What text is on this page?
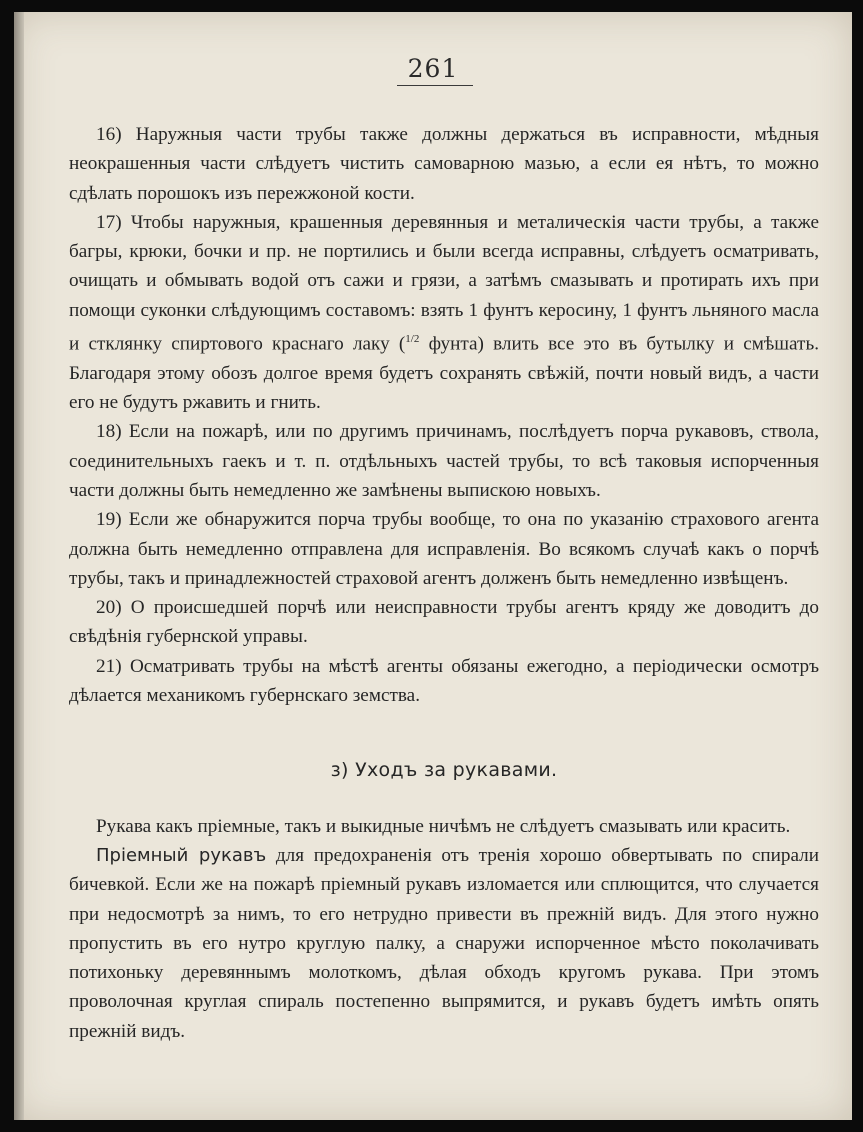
261

16) Наружныя части трубы также должны держаться въ исправности, мѣдныя неокрашенныя части слѣдуетъ чистить самоварною мазью, а если ея нѣтъ, то можно сдѣлать порошокъ изъ пережжоной кости.

17) Чтобы наружныя, крашенныя деревянныя и металическія части трубы, а также багры, крюки, бочки и пр. не портились и были всегда исправны, слѣдуетъ осматривать, очищать и обмывать водой отъ сажи и грязи, а затѣмъ смазывать и протирать ихъ при помощи суконки слѣдующимъ составомъ: взять 1 фунтъ керосину, 1 фунтъ льняного масла и стклянку спиртового краснаго лаку ($^{1/2}$ фунта) влить все это въ бутылку и смѣшать. Благодаря этому обозъ долгое время будетъ сохранять свѣжій, почти новый видъ, а части его не будутъ ржавить и гнить.

18) Если на пожарѣ, или по другимъ причинамъ, послѣдуетъ порча рукавовъ, ствола, соединительныхъ гаекъ и т. п. отдѣльныхъ частей трубы, то всѣ таковыя испорченныя части должны быть немедленно же замѣнены выпискою новыхъ.

19) Если же обнаружится порча трубы вообще, то она по указанію страхового агента должна быть немедленно отправлена для исправленія. Во всякомъ случаѣ какъ о порчѣ трубы, такъ и принадлежностей страховой агентъ долженъ быть немедленно извѣщенъ.

20) О происшедшей порчѣ или неисправности трубы агентъ кряду же доводитъ до свѣдѣнія губернской управы.

21) Осматривать трубы на мѣстѣ агенты обязаны ежегодно, а періодически осмотръ дѣлается механикомъ губернскаго земства.

з) Уходъ за рукавами.

Рукава какъ пріемные, такъ и выкидные ничѣмъ не слѣдуетъ смазывать или красить.

Пріемный рукавъ для предохраненія отъ тренія хорошо обвертывать по спирали бичевкой. Если же на пожарѣ пріемный рукавъ изломается или сплющится, что случается при недосмотрѣ за нимъ, то его нетрудно привести въ прежній видъ. Для этого нужно пропустить въ его нутро круглую палку, а снаружи испорченное мѣсто поколачивать потихоньку деревяннымъ молоткомъ, дѣлая обходъ кругомъ рукава. При этомъ проволочная круглая спираль постепенно выпрямится, и рукавъ будетъ имѣть опять прежній видъ.
